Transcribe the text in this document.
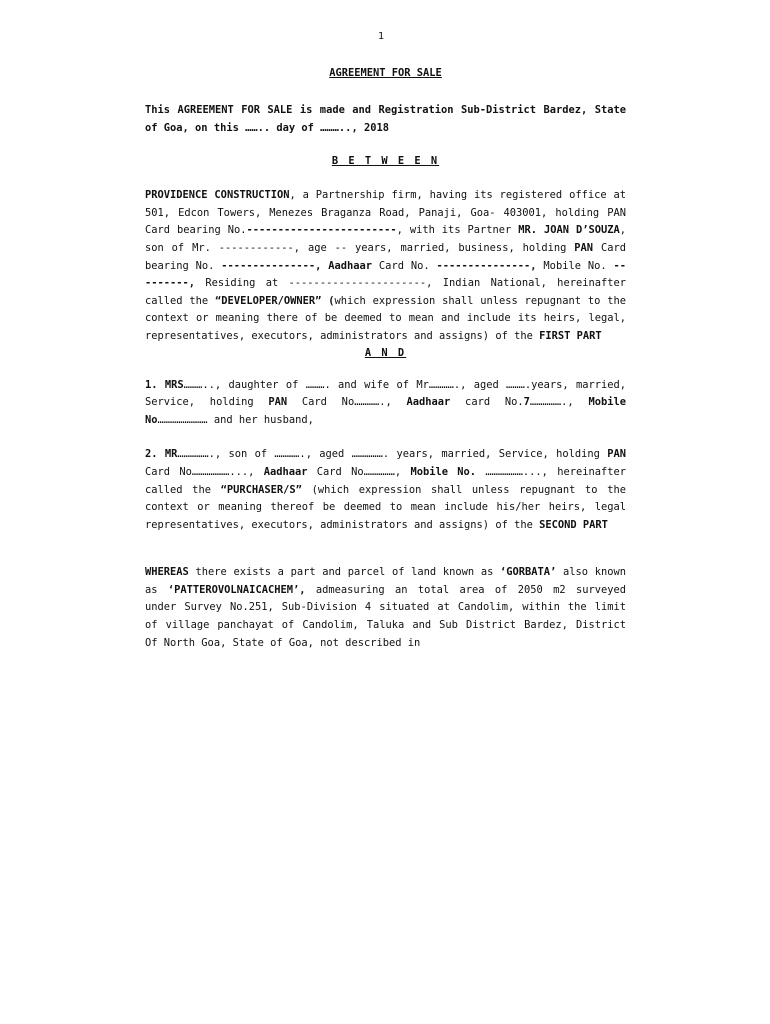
1

AGREEMENT FOR SALE

This AGREEMENT FOR SALE is made and Registration Sub-District Bardez, State of Goa, on this …….. day of ……….., 2018

B E T W E E N

PROVIDENCE CONSTRUCTION, a Partnership firm, having its registered office at 501, Edcon Towers, Menezes Braganza Road, Panaji, Goa- 403001, holding PAN Card bearing No.------------------------, with its Partner MR. JOAN D’SOUZA, son of Mr. ------------, age -- years, married, business, holding PAN Card bearing No. ---------------, Aadhaar Card No. ---------------, Mobile No. ---------, Residing at ----------------------, Indian National, hereinafter called the “DEVELOPER/OWNER” (which expression shall unless repugnant to the context or meaning there of be deemed to mean and include its heirs, legal, representatives, executors, administrators and assigns) of the FIRST PART

A N D

1. MRS……….., daughter of ………. and wife of Mr…………., aged ……….years, married, Service, holding PAN Card No…………., Aadhaar card No.7……………., Mobile No…………………… and her husband,

2. MR……………., son of …………., aged ……………. years, married, Service, holding PAN Card No………………..., Aadhaar Card No……………, Mobile No. ………………..., hereinafter called the “PURCHASER/S” (which expression shall unless repugnant to the context or meaning thereof be deemed to mean include his/her heirs, legal representatives, executors, administrators and assigns) of the SECOND PART

WHEREAS there exists a part and parcel of land known as ‘GORBATA’ also known as ‘PATTEROVOLNAICACHEM’, admeasuring an total area of 2050 m2 surveyed under Survey No.251, Sub-Division 4 situated at Candolim, within the limit of village panchayat of Candolim, Taluka and Sub District Bardez, District Of North Goa, State of Goa, not described in
